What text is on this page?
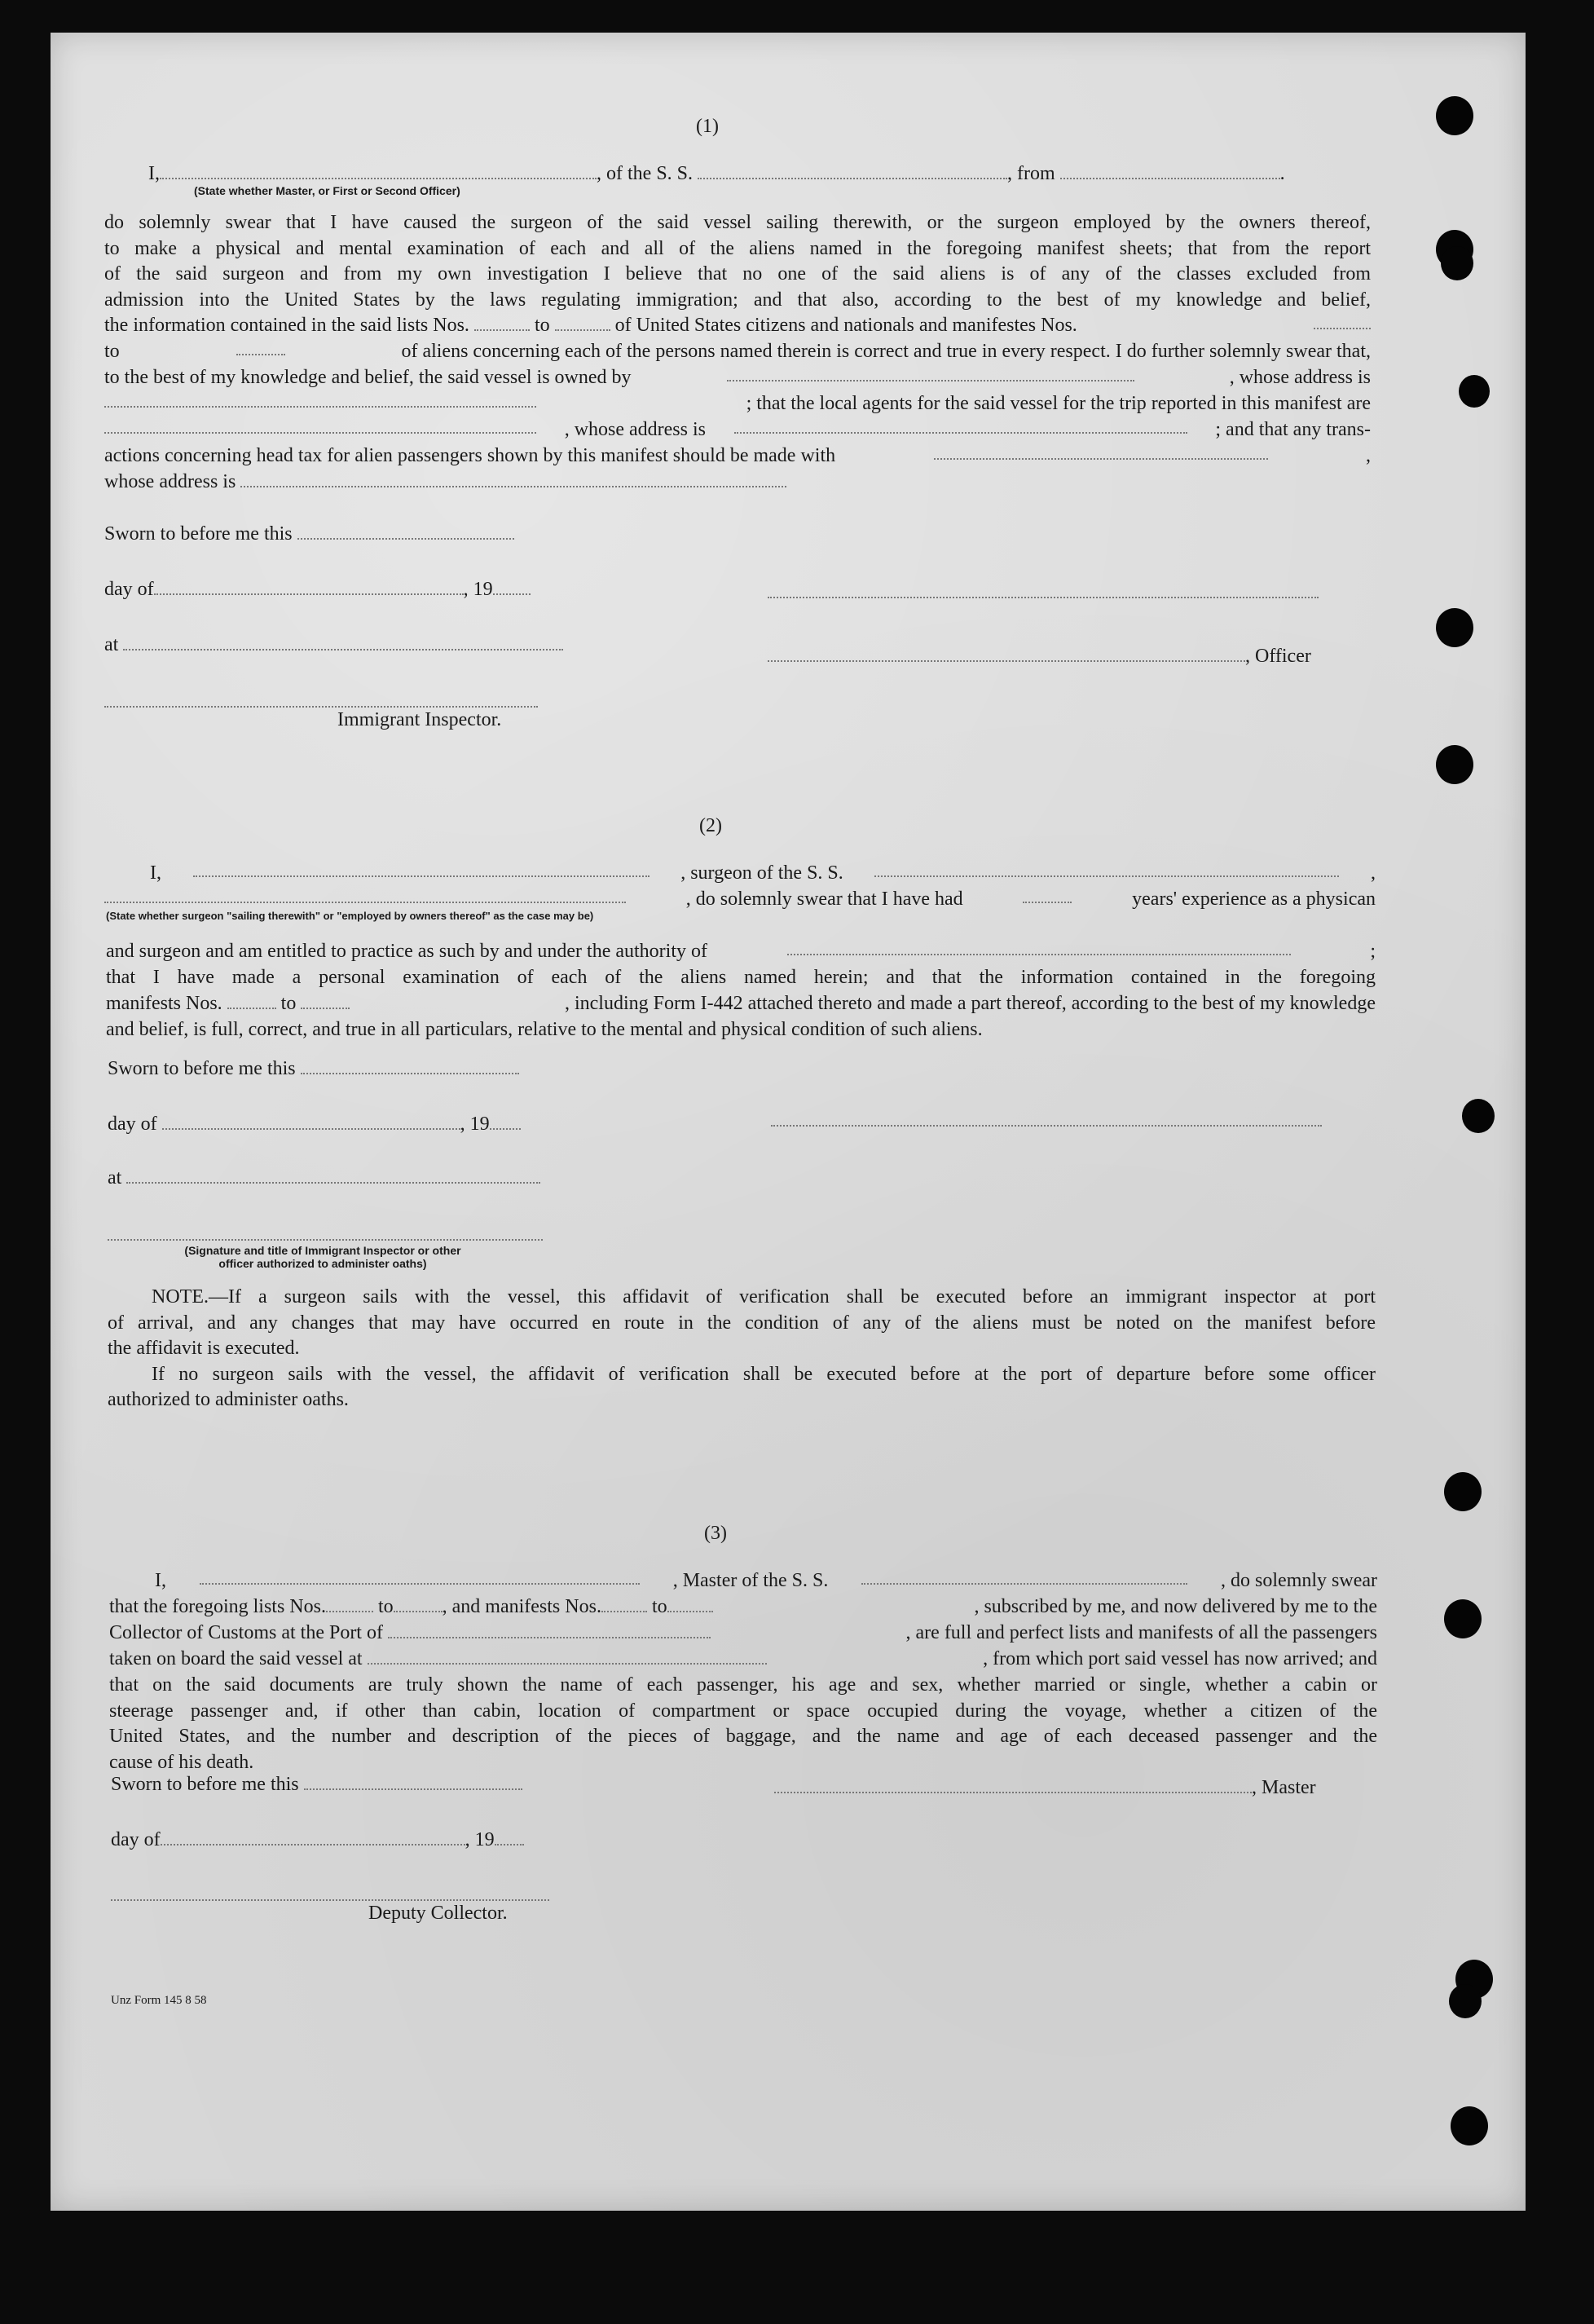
(1)
I,	, of the S. S.	, from	.
(State whether Master, or First or Second Officer)
do solemnly swear that I have caused the surgeon of the said vessel sailing therewith, or the surgeon employed by the owners thereof,
to make a physical and mental examination of each and all of the aliens named in the foregoing manifest sheets; that from the report
of the said surgeon and from my own investigation I believe that no one of the said aliens is of any of the classes excluded from
admission into the United States by the laws regulating immigration; and that also, according to the best of my knowledge and belief,
the information contained in the said lists Nos.	to	of United States citizens and nationals and manifestes Nos.
to	of aliens concerning each of the persons named therein is correct and true in every respect. I do further solemnly swear that,
to the best of my knowledge and belief, the said vessel is owned by	, whose address is
; that the local agents for the said vessel for the trip reported in this manifest are
, whose address is	; and that any trans-
actions concerning head tax for alien passengers shown by this manifest should be made with	,
whose address is
Sworn to before me this
day of	, 19
at
, Officer
Immigrant Inspector.
(2)
I,	, surgeon of the S. S.	,
, do solemnly swear that I have had	years' experience as a physican
(State whether surgeon "sailing therewith" or "employed by owners thereof" as the case may be)
and surgeon and am entitled to practice as such by and under the authority of	;
that I have made a personal examination of each of the aliens named herein; and that the information contained in the foregoing
manifests Nos.	to	, including Form I-442 attached thereto and made a part thereof, according to the best of my knowledge
and belief, is full, correct, and true in all particulars, relative to the mental and physical condition of such aliens.
Sworn to before me this
day of	, 19
at
(Signature and title of Immigrant Inspector or other
officer authorized to administer oaths)
NOTE.—If a surgeon sails with the vessel, this affidavit of verification shall be executed before an immigrant inspector at port
of arrival, and any changes that may have occurred en route in the condition of any of the aliens must be noted on the manifest before
the affidavit is executed.
If no surgeon sails with the vessel, the affidavit of verification shall be executed before at the port of departure before some officer
authorized to administer oaths.
(3)
I,	, Master of the S. S.	, do solemnly swear
that the foregoing lists Nos.	to	, and manifests Nos.	to	, subscribed by me, and now delivered by me to the
Collector of Customs at the Port of	, are full and perfect lists and manifests of all the passengers
taken on board the said vessel at	, from which port said vessel has now arrived; and
that on the said documents are truly shown the name of each passenger, his age and sex, whether married or single, whether a cabin or
steerage passenger and, if other than cabin, location of compartment or space occupied during the voyage, whether a citizen of the
United States, and the number and description of the pieces of baggage, and the name and age of each deceased passenger and the
cause of his death.
Sworn to before me this	, Master
day of	, 19
Deputy Collector.
Unz Form 145 8 58
